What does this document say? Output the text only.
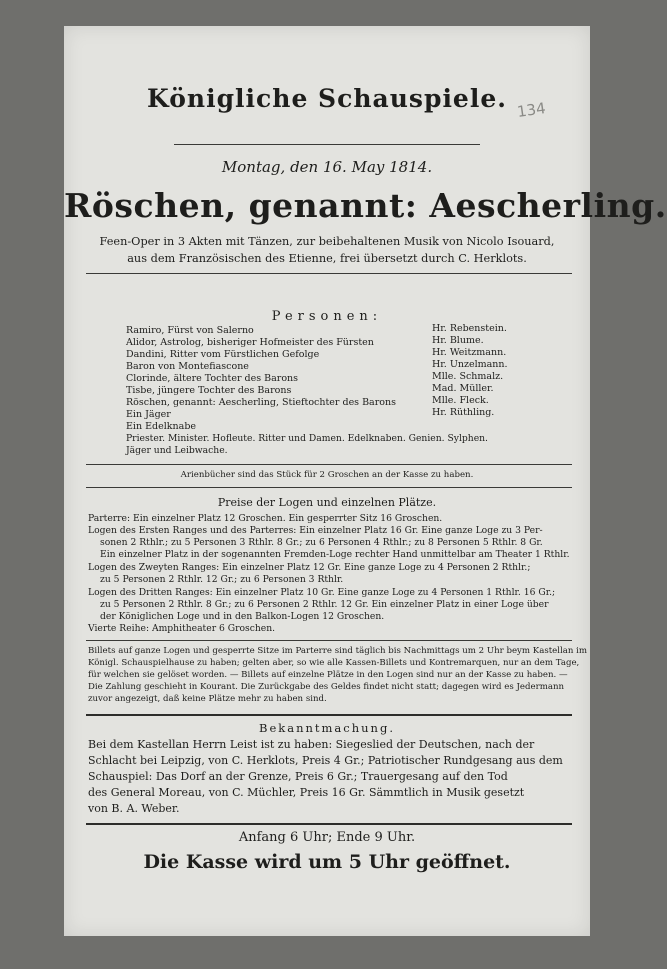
134
Königliche Schauspiele.
Montag, den 16. May 1814.
Röschen, genannt: Aescherling.
Feen-Oper in 3 Akten mit Tänzen, zur beibehaltenen Musik von Nicolo Isouard,
aus dem Französischen des Etienne, frei übersetzt durch C. Herklots.
Personen:
Ramiro, Fürst von Salerno	Hr. Rebenstein.
Alidor, Astrolog, bisheriger Hofmeister des Fürsten	Hr. Blume.
Dandini, Ritter vom Fürstlichen Gefolge	Hr. Weitzmann.
Baron von Montefiascone	Hr. Unzelmann.
Clorinde, ältere Tochter des Barons	Mlle. Schmalz.
Tisbe, jüngere Tochter des Barons	Mad. Müller.
Röschen, genannt: Aescherling, Stieftochter des Barons	Mlle. Fleck.
Ein Jäger	Hr. Rüthling.
Ein Edelknabe
Priester. Minister. Hofleute. Ritter und Damen. Edelknaben. Genien. Sylphen.
Jäger und Leibwache.
Arienbücher sind das Stück für 2 Groschen an der Kasse zu haben.
Preise der Logen und einzelnen Plätze.
Parterre: Ein einzelner Platz 12 Groschen. Ein gesperrter Sitz 16 Groschen.
Logen des Ersten Ranges und des Parterres: Ein einzelner Platz 16 Gr. Eine ganze Loge zu 3 Per-
sonen 2 Rthlr.; zu 5 Personen 3 Rthlr. 8 Gr.; zu 6 Personen 4 Rthlr.; zu 8 Personen 5 Rthlr. 8 Gr.
Ein einzelner Platz in der sogenannten Fremden-Loge rechter Hand unmittelbar am Theater 1 Rthlr.
Logen des Zweyten Ranges: Ein einzelner Platz 12 Gr. Eine ganze Loge zu 4 Personen 2 Rthlr.;
zu 5 Personen 2 Rthlr. 12 Gr.; zu 6 Personen 3 Rthlr.
Logen des Dritten Ranges: Ein einzelner Platz 10 Gr. Eine ganze Loge zu 4 Personen 1 Rthlr. 16 Gr.;
zu 5 Personen 2 Rthlr. 8 Gr.; zu 6 Personen 2 Rthlr. 12 Gr. Ein einzelner Platz in einer Loge über
der Königlichen Loge und in den Balkon-Logen 12 Groschen.
Vierte Reihe: Amphitheater 6 Groschen.
Billets auf ganze Logen und gesperrte Sitze im Parterre sind täglich bis Nachmittags um 2 Uhr beym Kastellan im
Königl. Schauspielhause zu haben; gelten aber, so wie alle Kassen-Billets und Kontremarquen, nur an dem Tage,
für welchen sie gelöset worden. — Billets auf einzelne Plätze in den Logen sind nur an der Kasse zu haben. —
Die Zahlung geschieht in Kourant. Die Zurückgabe des Geldes findet nicht statt; dagegen wird es Jedermann
zuvor angezeigt, daß keine Plätze mehr zu haben sind.
Bekanntmachung.
Bei dem Kastellan Herrn Leist ist zu haben: Siegeslied der Deutschen, nach der
Schlacht bei Leipzig, von C. Herklots, Preis 4 Gr.; Patriotischer Rundgesang aus dem
Schauspiel: Das Dorf an der Grenze, Preis 6 Gr.; Trauergesang auf den Tod
des General Moreau, von C. Müchler, Preis 16 Gr. Sämmtlich in Musik gesetzt
von B. A. Weber.
Anfang 6 Uhr; Ende 9 Uhr.
Die Kasse wird um 5 Uhr geöffnet.
